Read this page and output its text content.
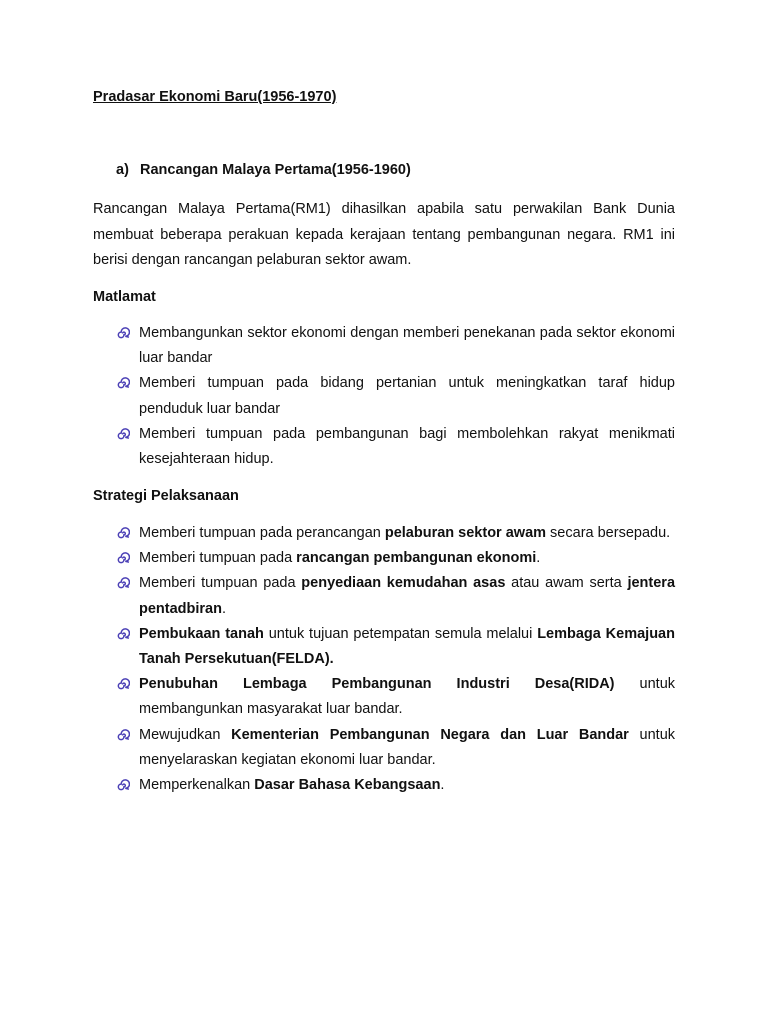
Pradasar Ekonomi Baru(1956-1970)
a) Rancangan Malaya Pertama(1956-1960)

Rancangan Malaya Pertama(RM1) dihasilkan apabila satu perwakilan Bank Dunia membuat beberapa perakuan kepada kerajaan tentang pembangunan negara. RM1 ini berisi dengan rancangan pelaburan sektor awam.

Matlamat
Membangunkan sektor ekonomi dengan memberi penekanan pada sektor ekonomi luar bandar
Memberi tumpuan pada bidang pertanian untuk meningkatkan taraf hidup penduduk luar bandar
Memberi tumpuan pada pembangunan bagi membolehkan rakyat menikmati kesejahteraan hidup.
Strategi Pelaksanaan
Memberi tumpuan pada perancangan pelaburan sektor awam secara bersepadu.
Memberi tumpuan pada rancangan pembangunan ekonomi.
Memberi tumpuan pada penyediaan kemudahan asas atau awam serta jentera pentadbiran.
Pembukaan tanah untuk tujuan petempatan semula melalui Lembaga Kemajuan Tanah Persekutuan(FELDA).
Penubuhan Lembaga Pembangunan Industri Desa(RIDA) untuk membangunkan masyarakat luar bandar.
Mewujudkan Kementerian Pembangunan Negara dan Luar Bandar untuk menyelaraskan kegiatan ekonomi luar bandar.
Memperkenalkan Dasar Bahasa Kebangsaan.
